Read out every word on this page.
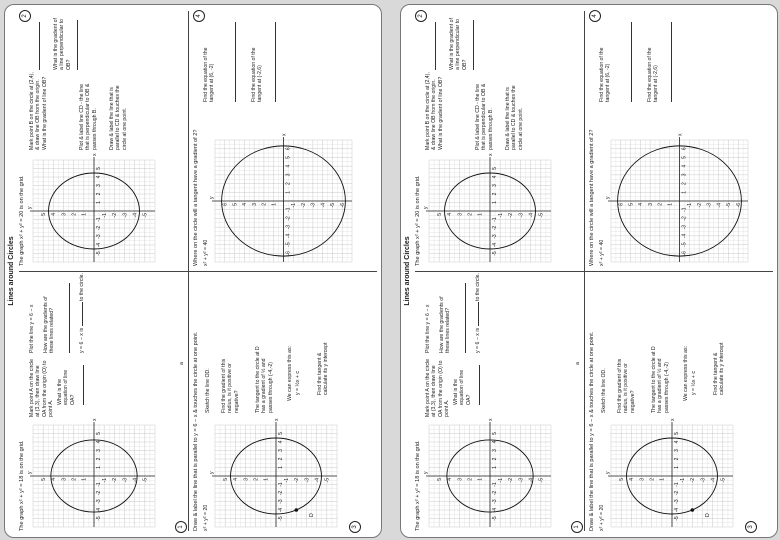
Lines around Circles
1
The graph x² + y² = 18 is on the grid.
-5
-5
-4
-4
-3
-3
-2
-2
-1
-1
1
1
2
2
3
3
4
4
5
5
x
y
Mark point A on the circle at (3,3), then draw line OA from the origin (O) to point A.
What is the equation of line OA?
Plot the line y = 6 − x How are the gradients of these lines related?	y = 6 − x is  to the circle.
a
2
The graph x² + y² = 20 is on the grid.
-5
-5
-4
-4
-3
-3
-2
-2
-1
-1
1
1
2
2
3
3
4
4
5
5
x
y
Mark point B on the circle at (2,4), & draw line OB from the origin. What is the gradient of line OB?
What is the gradient of a line perpendicular to OB?
Plot & label line CD - the line that is perpendicular to OB & passes through B. Draw & label the line that is parallel to CD & touches the circle at one point.
3
Draw & label the line that is parallel to y = 6 − x & touches the circle at one point. x² + y² = 20	-5
-5
-4
-4
-3
-3
-2
-2
-1
-1
1
1
2
2
3
3
4
4
5
5
x
y
D
Sketch the line OD. Find the gradient of this radius, is it positive or negative?	The tangent to the circle at D has a gradient of ½ and passes through (-4,-2)	We can express this as: y = ½x + c	Find the tangent & calculate its y intercept
4
Where on the circle will a tangent have a gradient of 2? x² + y² = 40	-6
-6
-5
-5
-4
-4
-3
-3
-2
-2
-1
-1
1
1
2
2
3
3
4
4
5
5
6
6
x
y
Find the equation of the tangent at (6, -2)	Find the equation of the tangent at (-2,6)
Lines around Circles
1
The graph x² + y² = 18 is on the grid.
-5
-5
-4
-4
-3
-3
-2
-2
-1
-1
1
1
2
2
3
3
4
4
5
5
x
y
Mark point A on the circle at (3,3), then draw line OA from the origin (O) to point A.
What is the equation of line OA?
Plot the line y = 6 − x How are the gradients of these lines related?	y = 6 − x is  to the circle.
a
2
The graph x² + y² = 20 is on the grid.
-5
-5
-4
-4
-3
-3
-2
-2
-1
-1
1
1
2
2
3
3
4
4
5
5
x
y
Mark point B on the circle at (2,4), & draw line OB from the origin. What is the gradient of line OB?
What is the gradient of a line perpendicular to OB?
Plot & label line CD - the line that is perpendicular to OB & passes through B. Draw & label the line that is parallel to CD & touches the circle at one point.
3
Draw & label the line that is parallel to y = 6 − x & touches the circle at one point. x² + y² = 20	-5
-5
-4
-4
-3
-3
-2
-2
-1
-1
1
1
2
2
3
3
4
4
5
5
x
y
D
Sketch the line OD. Find the gradient of this radius, is it positive or negative?	The tangent to the circle at D has a gradient of ½ and passes through (-4,-2)	We can express this as: y = ½x + c	Find the tangent & calculate its y intercept
4
Where on the circle will a tangent have a gradient of 2? x² + y² = 40	-6
-6
-5
-5
-4
-4
-3
-3
-2
-2
-1
-1
1
1
2
2
3
3
4
4
5
5
6
6
x
y
Find the equation of the tangent at (6, -2)	Find the equation of the tangent at (-2,6)
